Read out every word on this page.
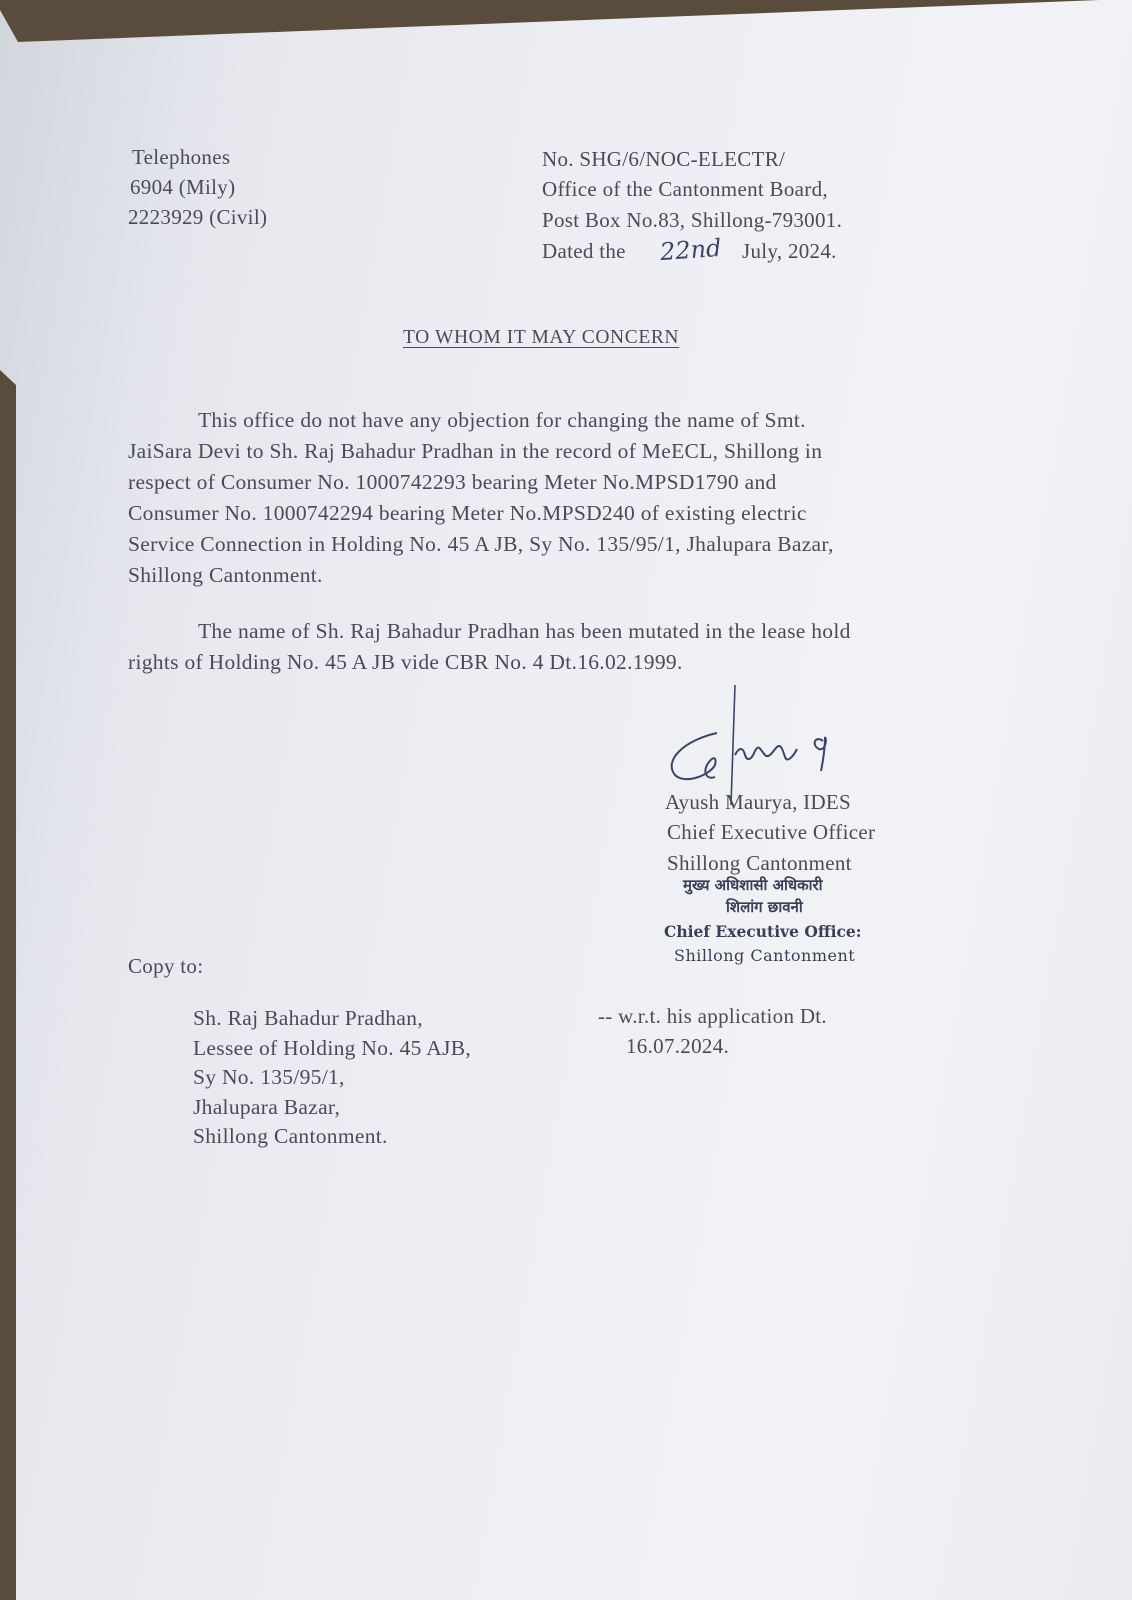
Telephones
6904 (Mily)
2223929 (Civil)
No. SHG/6/NOC-ELECTR/
Office of the Cantonment Board,
Post Box No.83, Shillong-793001.
Dated the 22nd July, 2024.
TO WHOM IT MAY CONCERN
This office do not have any objection for changing the name of Smt.
JaiSara Devi to Sh. Raj Bahadur Pradhan in the record of MeECL, Shillong in
respect of Consumer No. 1000742293 bearing Meter No.MPSD1790 and
Consumer No. 1000742294 bearing Meter No.MPSD240 of existing electric
Service Connection in Holding No. 45 A JB, Sy No. 135/95/1, Jhalupara Bazar,
Shillong Cantonment.
The name of Sh. Raj Bahadur Pradhan has been mutated in the lease hold
rights of Holding No. 45 A JB vide CBR No. 4 Dt.16.02.1999.
Ayush Maurya, IDES
Chief Executive Officer
Shillong Cantonment
मुख्य अधिशासी अधिकारी
शिलांग छावनी
Chief Executive Office:
Shillong Cantonment
Copy to:
Sh. Raj Bahadur Pradhan,
Lessee of Holding No. 45 AJB,
Sy No. 135/95/1,
Jhalupara Bazar,
Shillong Cantonment.
-- w.r.t. his application Dt.
16.07.2024.
